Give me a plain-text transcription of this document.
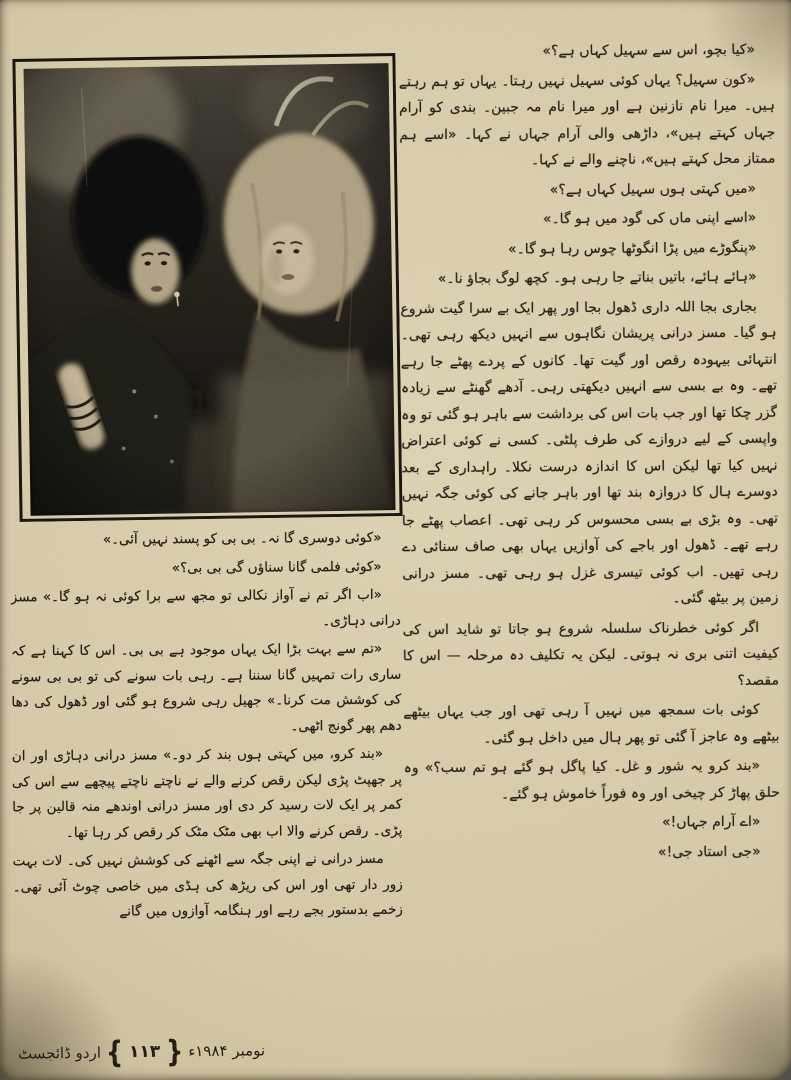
«کیا بچو، اس سے سہیل کہاں ہے؟»

«کون سہیل؟ یہاں کوئی سہیل نہیں رہتا۔ یہاں تو ہم رہتے ہیں۔ میرا نام نازنین ہے اور میرا نام مہ جبین۔ بندی کو آرام جہاں کہتے ہیں»، داڑھی والی آرام جہاں نے کہا۔ «اسے ہم ممتاز محل کہتے ہیں»، ناچنے والے نے کہا۔

«میں کہتی ہوں سہیل کہاں ہے؟»

«اسے اپنی ماں کی گود میں ہو گا۔»

«پنگوڑے میں پڑا انگوٹھا چوس رہا ہو گا۔»

«ہائے ہائے، باتیں بناتے جا رہی ہو۔ کچھ لوگ بجاؤ نا۔»

بجاری بجا اللہ داری ڈھول بجا اور پھر ایک بے سرا گیت شروع ہو گیا۔ مسز درانی پریشان نگاہوں سے انہیں دیکھ رہی تھی۔ انتہائی بیہودہ رقص اور گیت تھا۔ کانوں کے پردے پھٹے جا رہے تھے۔ وہ بے بسی سے انہیں دیکھتی رہی۔ آدھے گھنٹے سے زیادہ گزر چکا تھا اور جب بات اس کی برداشت سے باہر ہو گئی تو وہ واپسی کے لیے دروازے کی طرف پلٹی۔ کسی نے کوئی اعتراض نہیں کیا تھا لیکن اس کا اندازہ درست نکلا۔ راہداری کے بعد دوسرے ہال کا دروازہ بند تھا اور باہر جانے کی کوئی جگہ نہیں تھی۔ وہ بڑی بے بسی محسوس کر رہی تھی۔ اعصاب پھٹے جا رہے تھے۔ ڈھول اور باجے کی آوازیں یہاں بھی صاف سنائی دے رہی تھیں۔ اب کوئی تیسری غزل ہو رہی تھی۔ مسز درانی زمین پر بیٹھ گئی۔

اگر کوئی خطرناک سلسلہ شروع ہو جاتا تو شاید اس کی کیفیت اتنی بری نہ ہوتی۔ لیکن یہ تکلیف دہ مرحلہ — اس کا مقصد؟

کوئی بات سمجھ میں نہیں آ رہی تھی اور جب یہاں بیٹھے بیٹھے وہ عاجز آ گئی تو پھر ہال میں داخل ہو گئی۔

«بند کرو یہ شور و غل۔ کیا پاگل ہو گئے ہو تم سب؟» وہ حلق پھاڑ کر چیخی اور وہ فوراً خاموش ہو گئے۔

«اے آرام جہاں!»

«جی استاد جی!»

«کوئی دوسری گا نہ۔ بی بی کو پسند نہیں آئی۔»

«کوئی فلمی گانا سناؤں گی بی بی؟»

«اب اگر تم نے آواز نکالی تو مجھ سے برا کوئی نہ ہو گا۔» مسز درانی دہاڑی۔

«تم سے بہت بڑا ایک یہاں موجود ہے بی بی۔ اس کا کہنا ہے کہ ساری رات تمہیں گانا سننا ہے۔ رہی بات سونے کی تو بی بی سونے کی کوشش مت کرنا۔» جھیل رہی شروع ہو گئی اور ڈھول کی دھا دھم پھر گونج اٹھی۔

«بند کرو، میں کہتی ہوں بند کر دو۔» مسز درانی دہاڑی اور ان پر جھپٹ پڑی لیکن رقص کرنے والے نے ناچتے ناچتے پیچھے سے اس کی کمر پر ایک لات رسید کر دی اور مسز درانی اوندھے منہ قالین پر جا پڑی۔ رقص کرنے والا اب بھی مٹک مٹک کر رقص کر رہا تھا۔

مسز درانی نے اپنی جگہ سے اٹھنے کی کوشش نہیں کی۔ لات بہت زور دار تھی اور اس کی ریڑھ کی ہڈی میں خاصی چوٹ آئی تھی۔ زخمے بدستور بجے رہے اور ہنگامہ آوازوں میں گانے

اردو ڈائجسٹ { ۱۱۳ } نومبر ۱۹۸۴ء
